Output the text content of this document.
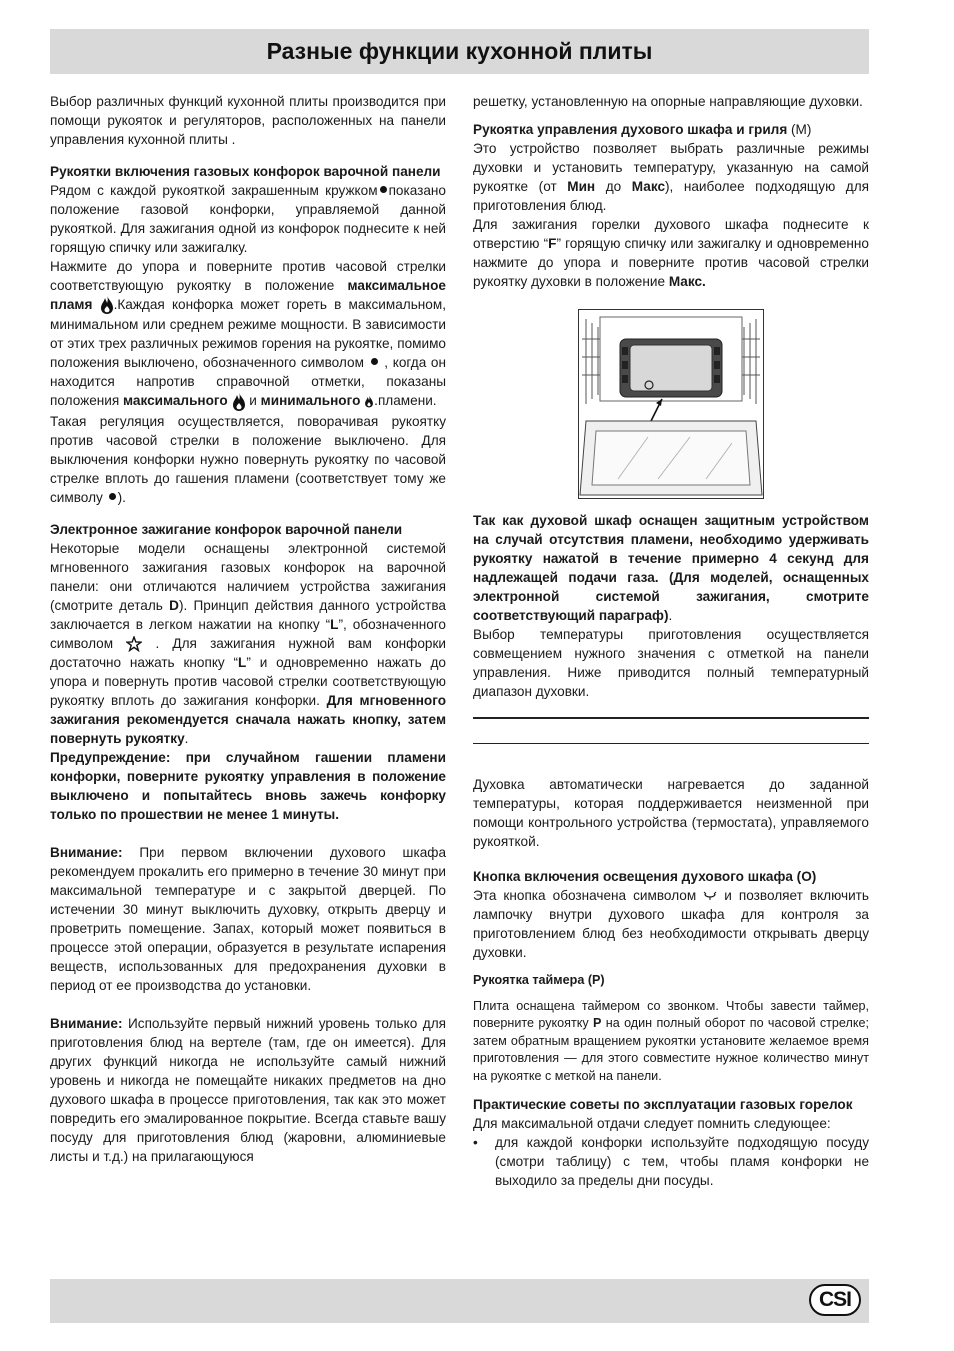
Разные функции кухонной плиты

Выбор различных функций кухонной плиты производится при помощи рукояток и регуляторов, расположенных на панели управления кухонной плиты .

Рукоятки включения газовых конфорок варочной панели

Рядом с каждой рукояткой закрашенным кружком показано положение газовой конфорки, управляемой данной рукояткой. Для зажигания одной из конфорок поднесите к ней горящую спичку или зажигалку.

Нажмите до упора и поверните против часовой стрелки соответствующую рукоятку в положение максимальное пламя .Каждая конфорка может гореть в максимальном, минимальном или среднем режиме мощности. В зависимости от этих трех различных режимов горения на рукоятке, помимо положения выключено, обозначенного символом , когда он находится напротив справочной отметки, показаны положения максимального и минимального .пламени.

Такая регуляция осуществляется, поворачивая рукоятку против часовой стрелки в положение выключено. Для выключения конфорки нужно повернуть рукоятку по часовой стрелке вплоть до гашения пламени (соответствует тому же символу ).

Электронное зажигание конфорок варочной панели

Некоторые модели оснащены электронной системой мгновенного зажигания газовых конфорок на варочной панели: они отличаются наличием устройства зажигания (смотрите деталь D). Принцип действия данного устройства заключается в легком нажатии на кнопку “L”, обозначенного символом	. Для зажигания нужной вам конфорки достаточно нажать кнопку “L” и одновременно нажать до упора и повернуть против часовой стрелки соответствующую рукоятку вплоть до зажигания конфорки. Для мгновенного зажигания рекомендуется сначала нажать кнопку, затем повернуть рукоятку.

Предупреждение: при случайном гашении пламени конфорки, поверните рукоятку управления в положение выключено и попытайтесь вновь зажечь конфорку только по прошествии не менее 1 минуты.

Внимание: При первом включении духового шкафа рекомендуем прокалить его примерно в течение 30 минут при максимальной температуре и с закрытой дверцей. По истечении 30 минут выключить духовку, открыть дверцу и проветрить помещение. Запах, который может появиться в процессе этой операции, образуется в результате испарения веществ, использованных для предохранения духовки в период от ее производства до установки.

Внимание: Используйте первый нижний уровень только для приготовления блюд на вертеле (там, где он имеется). Для других функций никогда не используйте самый нижний уровень и никогда не помещайте никаких предметов на дно духового шкафа в процессе приготовления, так как это может повредить его эмалированное покрытие. Всегда ставьте вашу посуду для приготовления блюд (жаровни, алюминиевые листы и т.д.) на прилагающуюся

решетку, установленную на опорные направляющие духовки.

Рукоятка управления духового шкафа и гриля (M)

Это устройство позволяет выбрать различные режимы духовки и установить температуру, указанную на самой рукоятке (от Мин до Макс), наиболее подходящую для приготовления блюд.

Для зажигания горелки духового шкафа поднесите к отверстию “F” горящую спичку или зажигалку и одновременно нажмите до упора и поверните против часовой стрелки рукоятку духовки в положение Макс.

Так как духовой шкаф оснащен защитным устройством на случай отсутствия пламени, необходимо удерживать рукоятку нажатой в течение примерно 4 секунд для надлежащей подачи газа. (Для моделей, оснащенных электронной системой зажигания, смотрите соответствующий параграф).

Выбор температуры приготовления осуществляется совмещением нужного значения с отметкой на панели управления. Ниже приводится полный температурный диапазон духовки.

Духовка автоматически нагревается до заданной температуры, которая поддерживается неизменной при помощи контрольного устройства (термостата), управляемого рукояткой.

Кнопка включения освещения духового шкафа (O)

Эта кнопка обозначена символом и позволяет включить лампочку внутри духового шкафа для контроля за приготовлением блюд без необходимости открывать дверцу духовки.

Рукоятка таймера (P)

Плита оснащена таймером со звонком. Чтобы завести таймер, поверните рукоятку P на один полный оборот по часовой стрелке; затем обратным вращением рукоятки установите желаемое время приготовления — для этого совместите нужное количество минут на рукоятке с меткой на панели.

Практические советы по эксплуатации газовых горелок

Для максимальной отдачи следует помнить следующее:

•	для каждой конфорки используйте подходящую посуду (смотри таблицу) с тем, чтобы пламя конфорки не выходило за пределы дни посуды.
CSI
